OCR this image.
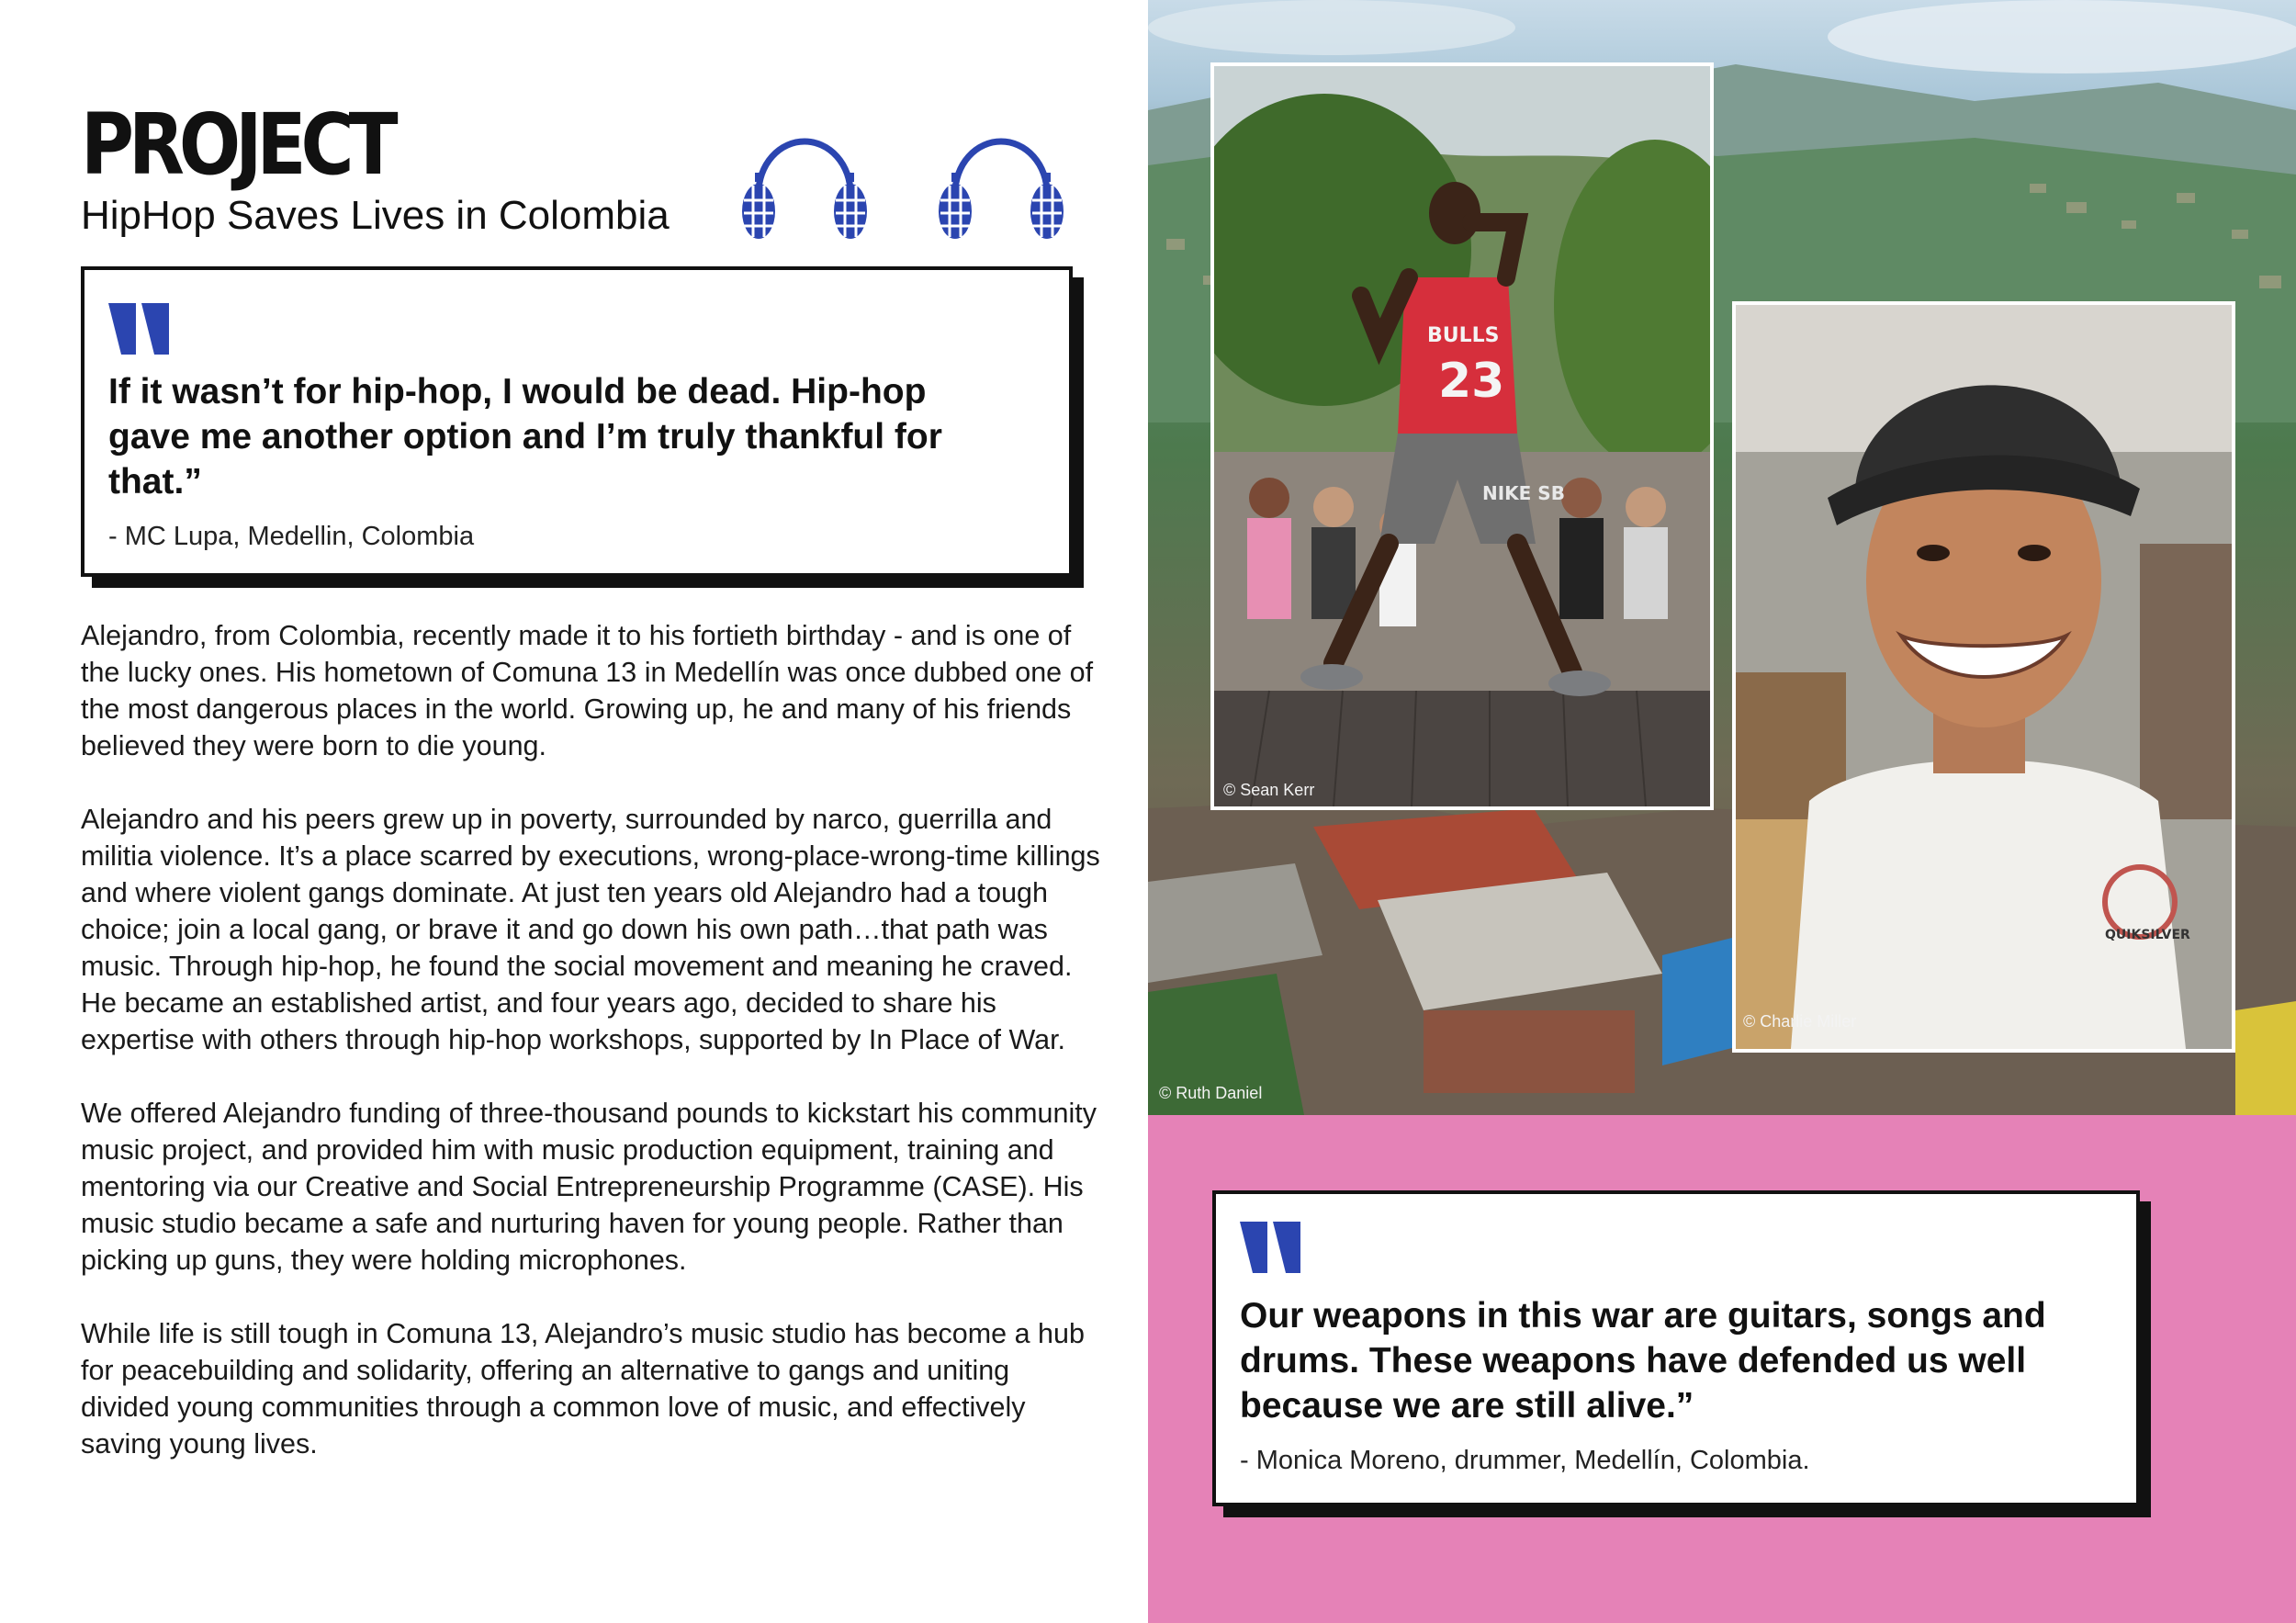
PROJECT
HipHop Saves Lives in Colombia
If it wasn’t for hip-hop, I would be dead. Hip-hop gave me another option and I’m truly thankful for that.”
- MC Lupa, Medellin, Colombia

Alejandro, from Colombia, recently made it to his fortieth birthday - and is one of the lucky ones. His hometown of Comuna 13 in Medellín was once dubbed one of the most dangerous places in the world. Growing up, he and many of his friends believed they were born to die young.

Alejandro and his peers grew up in poverty, surrounded by narco, guerrilla and militia violence. It’s a place scarred by executions, wrong-place-wrong-time killings and where violent gangs dominate. At just ten years old Alejandro had a tough choice; join a local gang, or brave it and go down his own path…that path was music. Through hip-hop, he found the social movement and meaning he craved. He became an established artist, and four years ago, decided to share his expertise with others through hip-hop workshops, supported by In Place of War.

We offered Alejandro funding of three-thousand pounds to kickstart his community music project, and provided him with music production equipment, training and mentoring via our Creative and Social Entrepreneurship Programme (CASE). His music studio became a safe and nurturing haven for young people. Rather than picking up guns, they were holding microphones.

While life is still tough in Comuna 13, Alejandro’s music studio has become a hub for peacebuilding and solidarity, offering an alternative to gangs and uniting divided young communities through a common love of music, and effectively saving young lives.

© Ruth Daniel
BULLS
23
NIKE SB
© Sean Kerr
QUIKSILVER
© Charlie Miller
Our weapons in this war are guitars, songs and drums. These weapons have defended us well because we are still alive.”
- Monica Moreno, drummer, Medellín, Colombia.
